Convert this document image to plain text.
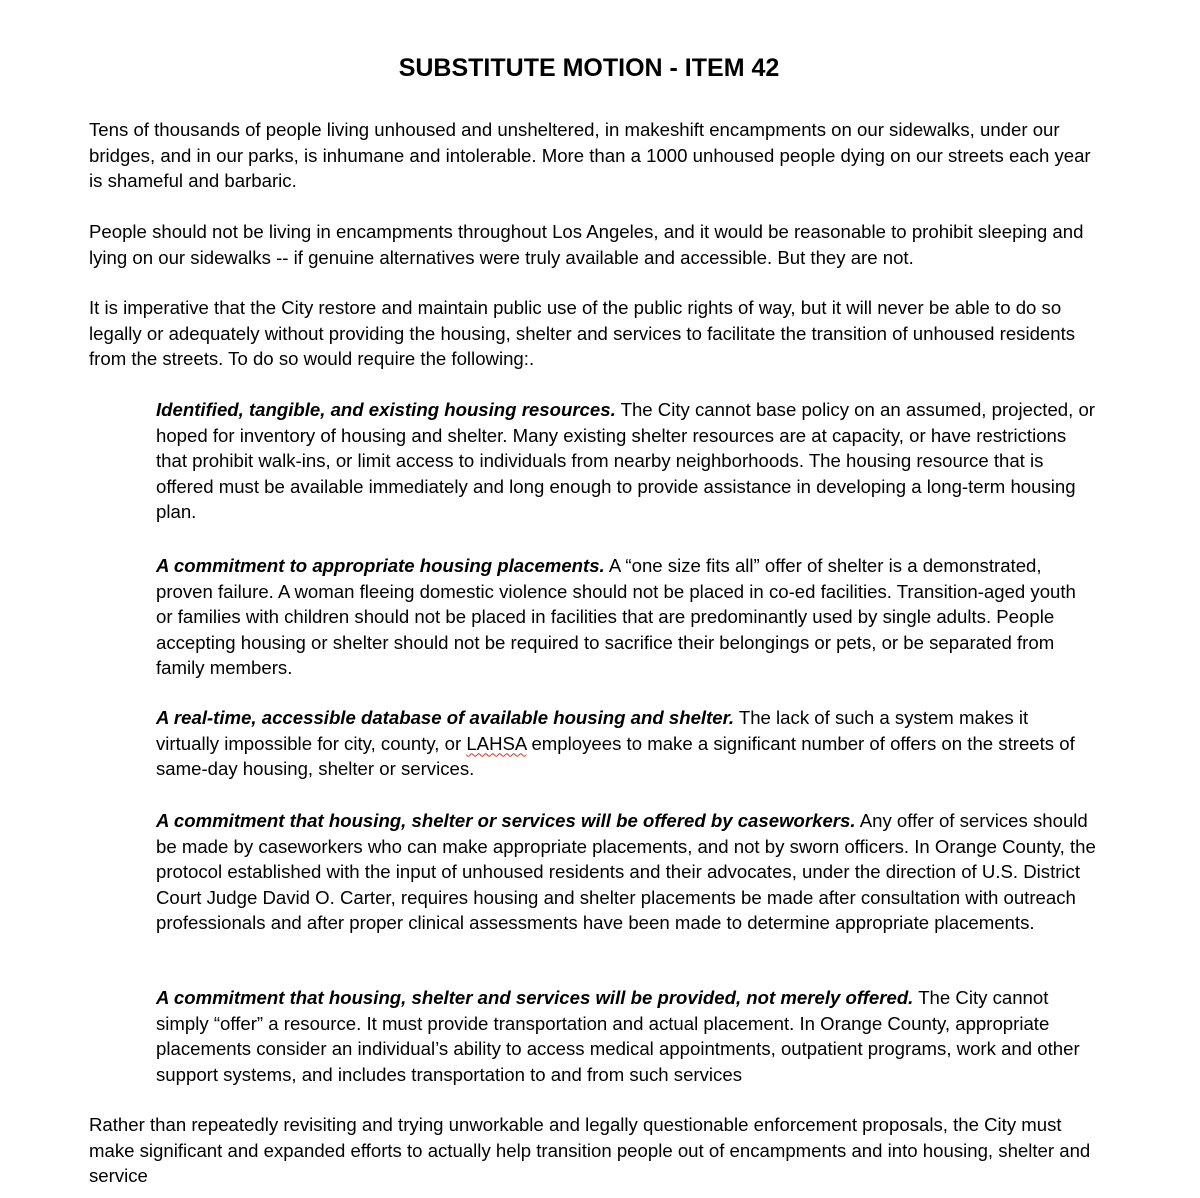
SUBSTITUTE MOTION - ITEM 42

Tens of thousands of people living unhoused and unsheltered, in makeshift encampments on our sidewalks, under our bridges, and in our parks, is inhumane and intolerable. More than a 1000 unhoused people dying on our streets each year is shameful and barbaric.

People should not be living in encampments throughout Los Angeles, and it would be reasonable to prohibit sleeping and lying on our sidewalks -- if genuine alternatives were truly available and accessible. But they are not.

It is imperative that the City restore and maintain public use of the public rights of way, but it will never be able to do so legally or adequately without providing the housing, shelter and services to facilitate the transition of unhoused residents from the streets. To do so would require the following:.

Identified, tangible, and existing housing resources. The City cannot base policy on an assumed, projected, or hoped for inventory of housing and shelter. Many existing shelter resources are at capacity, or have restrictions that prohibit walk-ins, or limit access to individuals from nearby neighborhoods. The housing resource that is offered must be available immediately and long enough to provide assistance in developing a long-term housing plan.

A commitment to appropriate housing placements. A “one size fits all” offer of shelter is a demonstrated, proven failure. A woman fleeing domestic violence should not be placed in co-ed facilities. Transition-aged youth or families with children should not be placed in facilities that are predominantly used by single adults. People accepting housing or shelter should not be required to sacrifice their belongings or pets, or be separated from family members.

A real-time, accessible database of available housing and shelter. The lack of such a system makes it virtually impossible for city, county, or LAHSA employees to make a significant number of offers on the streets of same-day housing, shelter or services.

A commitment that housing, shelter or services will be offered by caseworkers. Any offer of services should be made by caseworkers who can make appropriate placements, and not by sworn officers. In Orange County, the protocol established with the input of unhoused residents and their advocates, under the direction of U.S. District Court Judge David O. Carter, requires housing and shelter placements be made after consultation with outreach professionals and after proper clinical assessments have been made to determine appropriate placements.

A commitment that housing, shelter and services will be provided, not merely offered. The City cannot simply “offer” a resource. It must provide transportation and actual placement. In Orange County, appropriate placements consider an individual’s ability to access medical appointments, outpatient programs, work and other support systems, and includes transportation to and from such services

Rather than repeatedly revisiting and trying unworkable and legally questionable enforcement proposals, the City must make significant and expanded efforts to actually help transition people out of encampments and into housing, shelter and service
